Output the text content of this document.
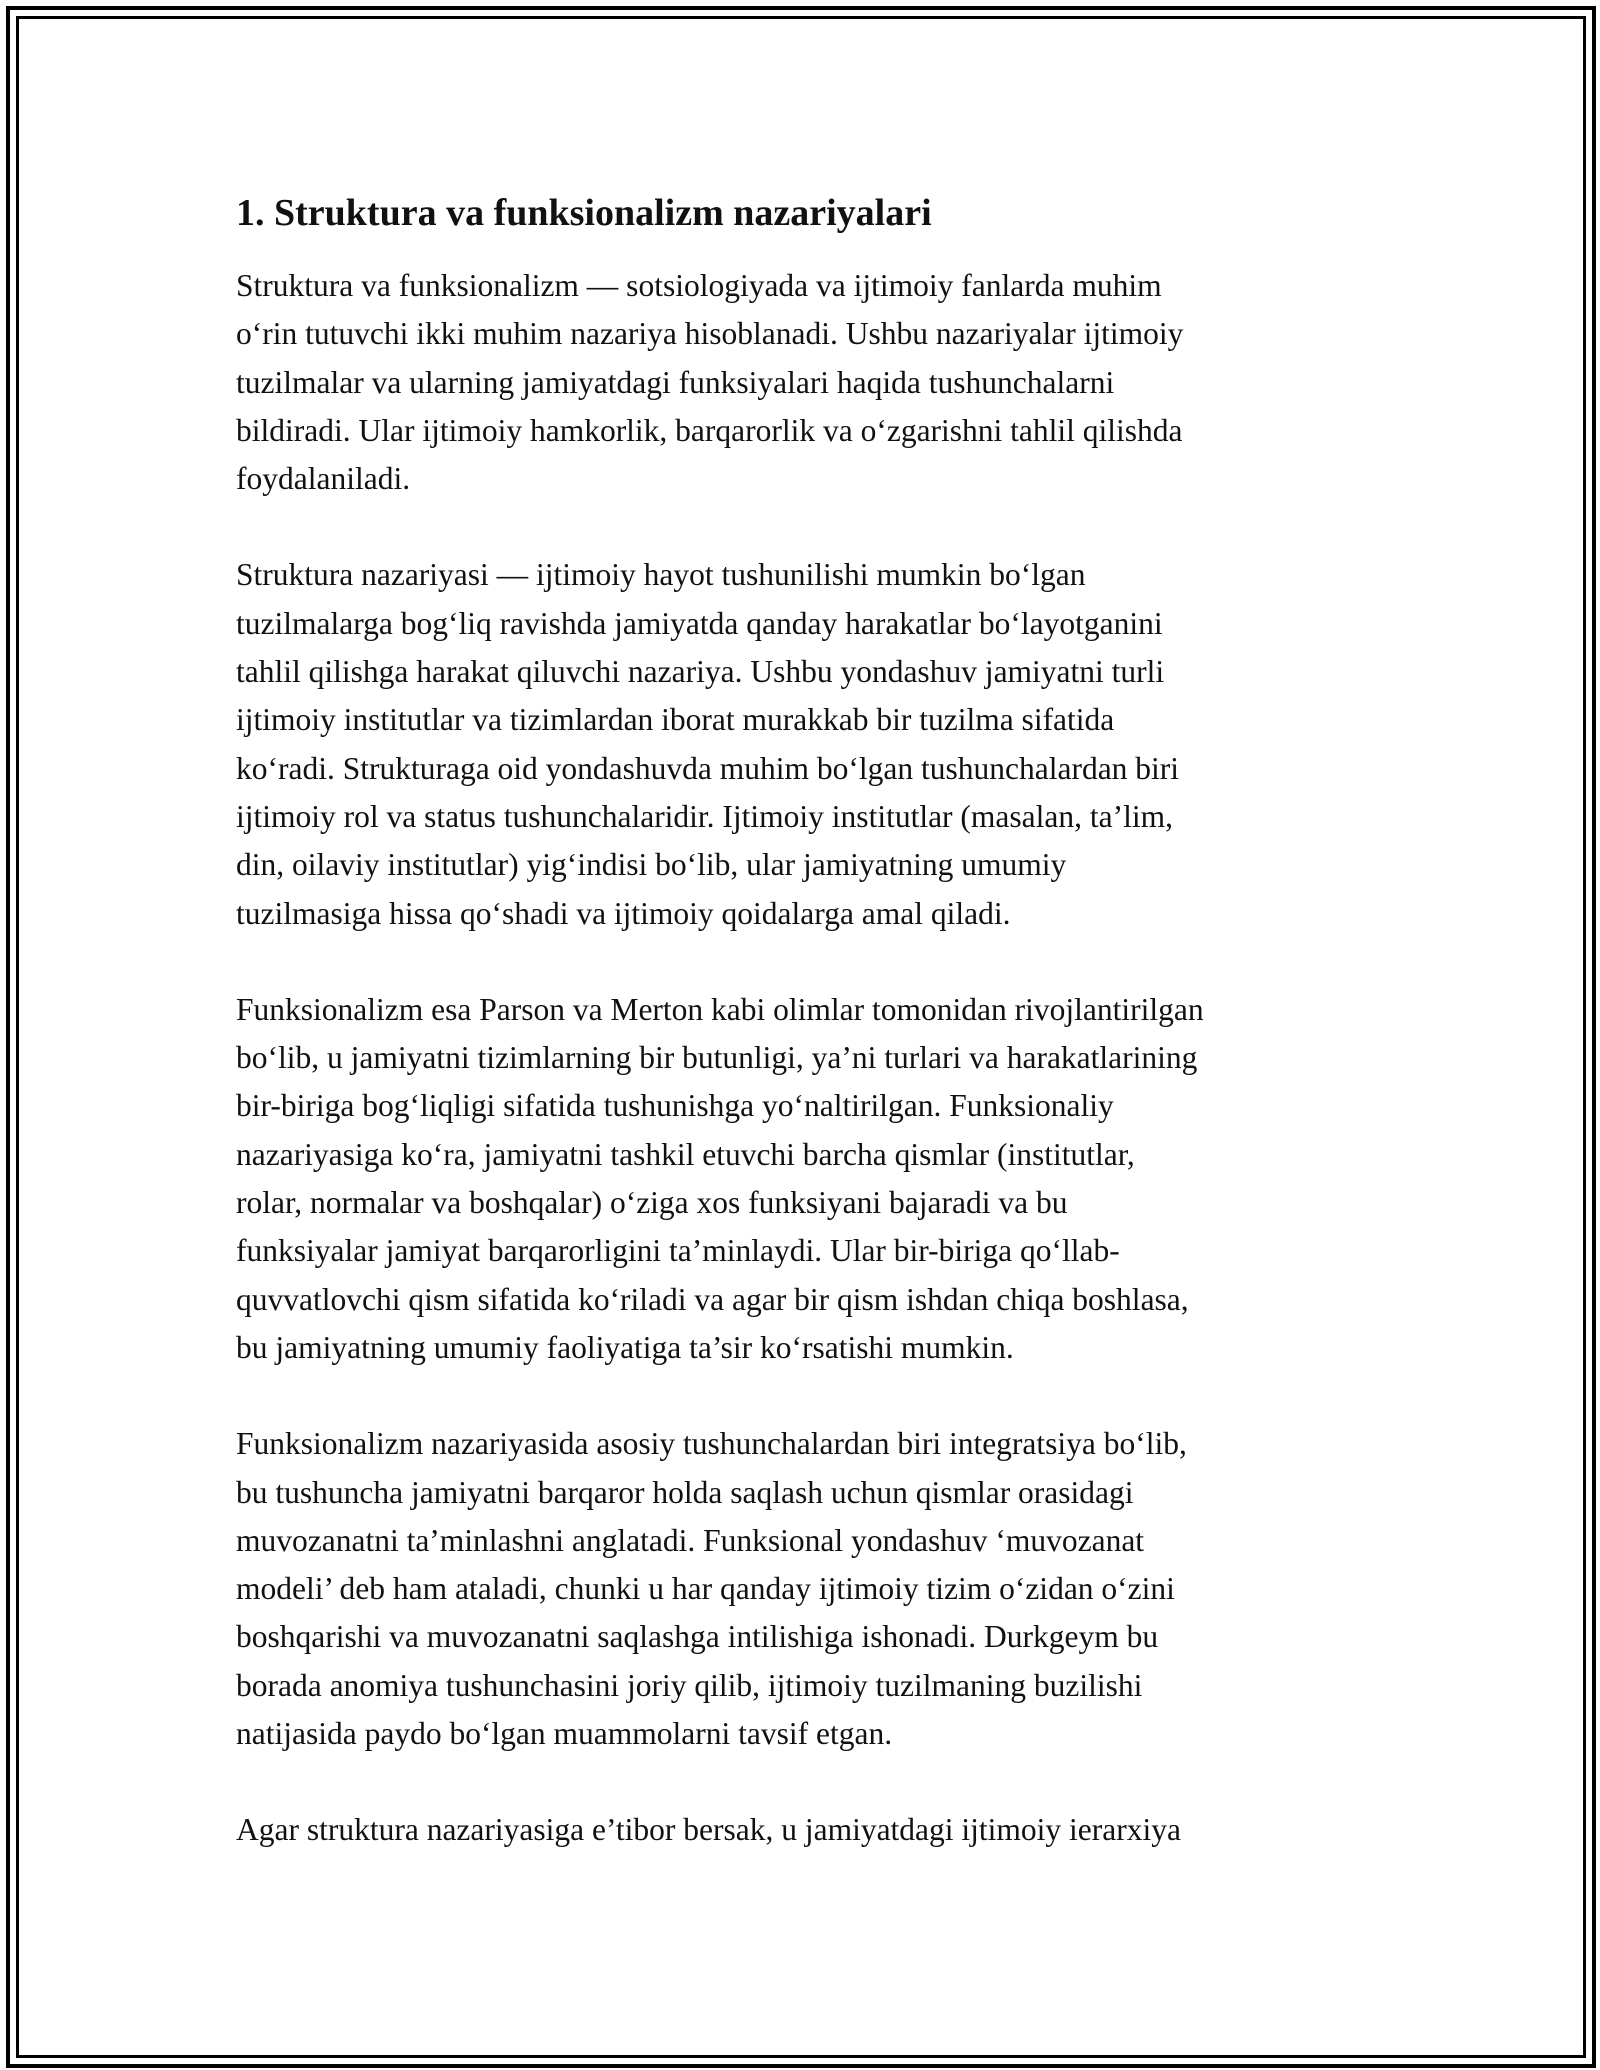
1. Struktura va funksionalizm nazariyalari

Struktura va funksionalizm — sotsiologiyada va ijtimoiy fanlarda muhim
o‘rin tutuvchi ikki muhim nazariya hisoblanadi. Ushbu nazariyalar ijtimoiy
tuzilmalar va ularning jamiyatdagi funksiyalari haqida tushunchalarni
bildiradi. Ular ijtimoiy hamkorlik, barqarorlik va o‘zgarishni tahlil qilishda
foydalaniladi.

Struktura nazariyasi — ijtimoiy hayot tushunilishi mumkin bo‘lgan
tuzilmalarga bog‘liq ravishda jamiyatda qanday harakatlar bo‘layotganini
tahlil qilishga harakat qiluvchi nazariya. Ushbu yondashuv jamiyatni turli
ijtimoiy institutlar va tizimlardan iborat murakkab bir tuzilma sifatida
ko‘radi. Strukturaga oid yondashuvda muhim bo‘lgan tushunchalardan biri
ijtimoiy rol va status tushunchalaridir. Ijtimoiy institutlar (masalan, ta’lim,
din, oilaviy institutlar) yig‘indisi bo‘lib, ular jamiyatning umumiy
tuzilmasiga hissa qo‘shadi va ijtimoiy qoidalarga amal qiladi.

Funksionalizm esa Parson va Merton kabi olimlar tomonidan rivojlantirilgan
bo‘lib, u jamiyatni tizimlarning bir butunligi, ya’ni turlari va harakatlarining
bir-biriga bog‘liqligi sifatida tushunishga yo‘naltirilgan. Funksionaliy
nazariyasiga ko‘ra, jamiyatni tashkil etuvchi barcha qismlar (institutlar,
rolar, normalar va boshqalar) o‘ziga xos funksiyani bajaradi va bu
funksiyalar jamiyat barqarorligini ta’minlaydi. Ular bir-biriga qo‘llab-
quvvatlovchi qism sifatida ko‘riladi va agar bir qism ishdan chiqa boshlasa,
bu jamiyatning umumiy faoliyatiga ta’sir ko‘rsatishi mumkin.

Funksionalizm nazariyasida asosiy tushunchalardan biri integratsiya bo‘lib,
bu tushuncha jamiyatni barqaror holda saqlash uchun qismlar orasidagi
muvozanatni ta’minlashni anglatadi. Funksional yondashuv ‘muvozanat
modeli’ deb ham ataladi, chunki u har qanday ijtimoiy tizim o‘zidan o‘zini
boshqarishi va muvozanatni saqlashga intilishiga ishonadi. Durkgeym bu
borada anomiya tushunchasini joriy qilib, ijtimoiy tuzilmaning buzilishi
natijasida paydo bo‘lgan muammolarni tavsif etgan.

Agar struktura nazariyasiga e’tibor bersak, u jamiyatdagi ijtimoiy ierarxiya
